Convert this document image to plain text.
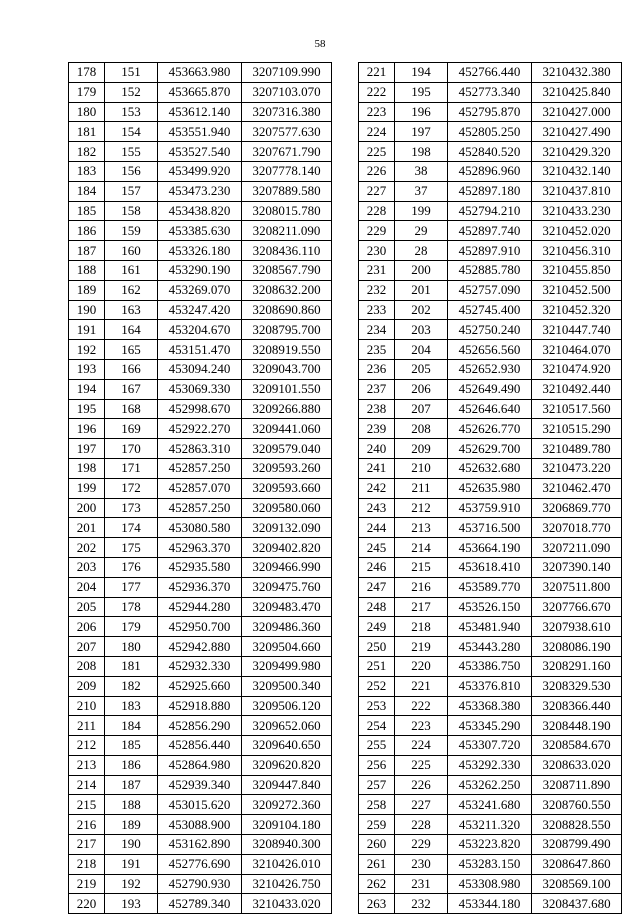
58
178	151	453663.980	3207109.990
179	152	453665.870	3207103.070
180	153	453612.140	3207316.380
181	154	453551.940	3207577.630
182	155	453527.540	3207671.790
183	156	453499.920	3207778.140
184	157	453473.230	3207889.580
185	158	453438.820	3208015.780
186	159	453385.630	3208211.090
187	160	453326.180	3208436.110
188	161	453290.190	3208567.790
189	162	453269.070	3208632.200
190	163	453247.420	3208690.860
191	164	453204.670	3208795.700
192	165	453151.470	3208919.550
193	166	453094.240	3209043.700
194	167	453069.330	3209101.550
195	168	452998.670	3209266.880
196	169	452922.270	3209441.060
197	170	452863.310	3209579.040
198	171	452857.250	3209593.260
199	172	452857.070	3209593.660
200	173	452857.250	3209580.060
201	174	453080.580	3209132.090
202	175	452963.370	3209402.820
203	176	452935.580	3209466.990
204	177	452936.370	3209475.760
205	178	452944.280	3209483.470
206	179	452950.700	3209486.360
207	180	452942.880	3209504.660
208	181	452932.330	3209499.980
209	182	452925.660	3209500.340
210	183	452918.880	3209506.120
211	184	452856.290	3209652.060
212	185	452856.440	3209640.650
213	186	452864.980	3209620.820
214	187	452939.340	3209447.840
215	188	453015.620	3209272.360
216	189	453088.900	3209104.180
217	190	453162.890	3208940.300
218	191	452776.690	3210426.010
219	192	452790.930	3210426.750
220	193	452789.340	3210433.020
221	194	452766.440	3210432.380
222	195	452773.340	3210425.840
223	196	452795.870	3210427.000
224	197	452805.250	3210427.490
225	198	452840.520	3210429.320
226	38	452896.960	3210432.140
227	37	452897.180	3210437.810
228	199	452794.210	3210433.230
229	29	452897.740	3210452.020
230	28	452897.910	3210456.310
231	200	452885.780	3210455.850
232	201	452757.090	3210452.500
233	202	452745.400	3210452.320
234	203	452750.240	3210447.740
235	204	452656.560	3210464.070
236	205	452652.930	3210474.920
237	206	452649.490	3210492.440
238	207	452646.640	3210517.560
239	208	452626.770	3210515.290
240	209	452629.700	3210489.780
241	210	452632.680	3210473.220
242	211	452635.980	3210462.470
243	212	453759.910	3206869.770
244	213	453716.500	3207018.770
245	214	453664.190	3207211.090
246	215	453618.410	3207390.140
247	216	453589.770	3207511.800
248	217	453526.150	3207766.670
249	218	453481.940	3207938.610
250	219	453443.280	3208086.190
251	220	453386.750	3208291.160
252	221	453376.810	3208329.530
253	222	453368.380	3208366.440
254	223	453345.290	3208448.190
255	224	453307.720	3208584.670
256	225	453292.330	3208633.020
257	226	453262.250	3208711.890
258	227	453241.680	3208760.550
259	228	453211.320	3208828.550
260	229	453223.820	3208799.490
261	230	453283.150	3208647.860
262	231	453308.980	3208569.100
263	232	453344.180	3208437.680
